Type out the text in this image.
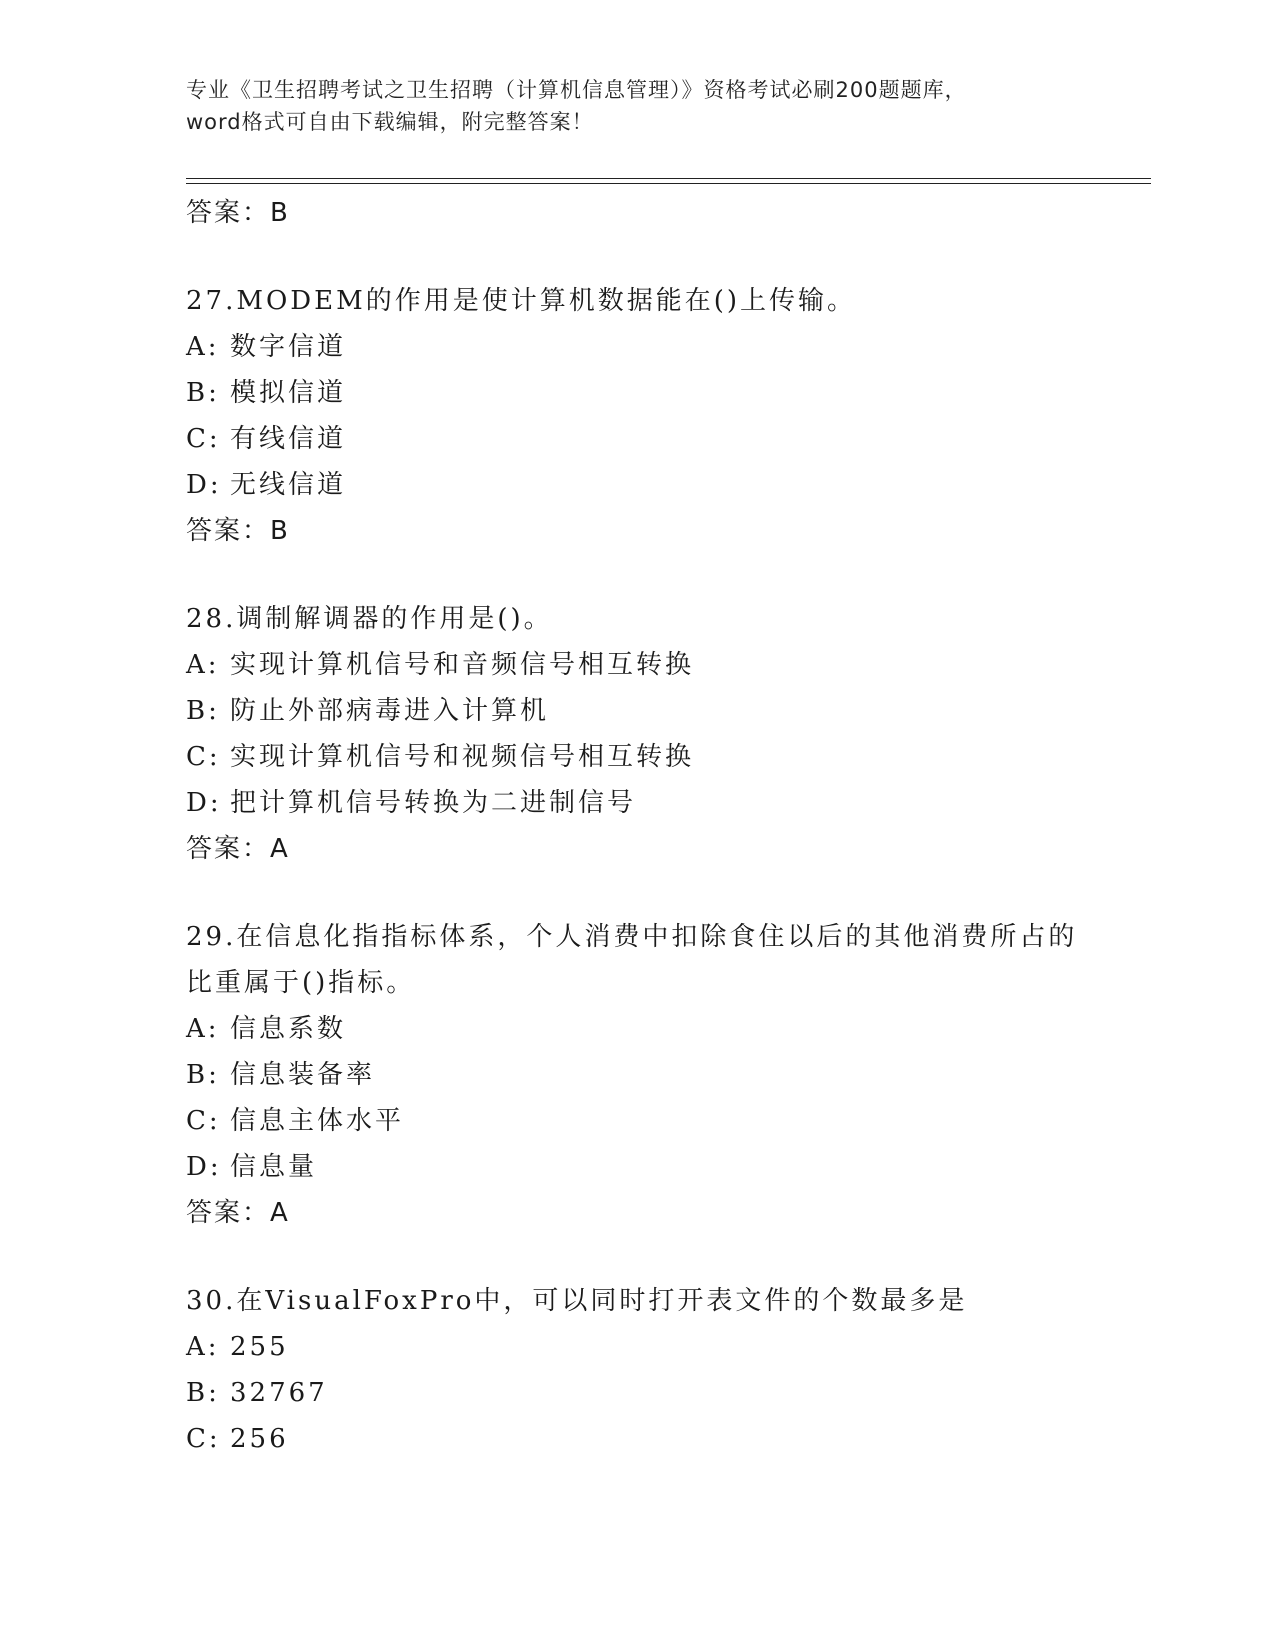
专业《卫生招聘考试之卫生招聘（计算机信息管理）》资格考试必刷200题题库，
word格式可自由下载编辑，附完整答案！
答案：B
27.MODEM的作用是使计算机数据能在()上传输。
A: 数字信道
B: 模拟信道
C: 有线信道
D: 无线信道
答案：B
28.调制解调器的作用是()。
A: 实现计算机信号和音频信号相互转换
B: 防止外部病毒进入计算机
C: 实现计算机信号和视频信号相互转换
D: 把计算机信号转换为二进制信号
答案：A
29.在信息化指指标体系，个人消费中扣除食住以后的其他消费所占的
比重属于()指标。
A: 信息系数
B: 信息装备率
C: 信息主体水平
D: 信息量
答案：A
30.在VisualFoxPro中，可以同时打开表文件的个数最多是
A: 255
B: 32767
C: 256
